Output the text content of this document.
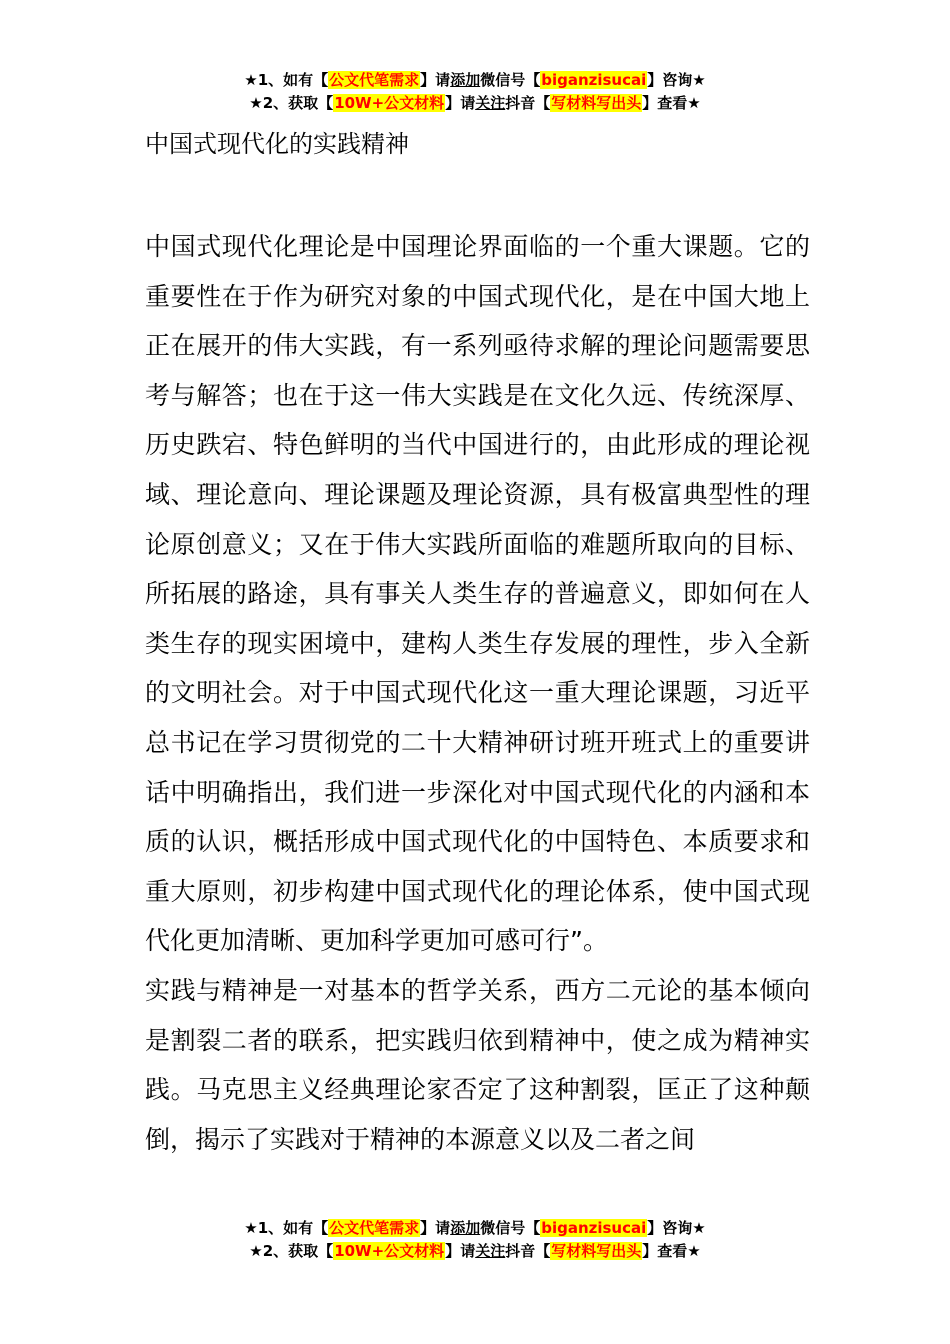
★1、如有【公文代笔需求】请添加微信号【biganzisucai】咨询★
★2、获取【10W+公文材料】请关注抖音【写材料写出头】查看★
中国式现代化的实践精神

中国式现代化理论是中国理论界面临的一个重大课题。它的重要性在于作为研究对象的中国式现代化，是在中国大地上正在展开的伟大实践，有一系列亟待求解的理论问题需要思考与解答；也在于这一伟大实践是在文化久远、传统深厚、历史跌宕、特色鲜明的当代中国进行的，由此形成的理论视域、理论意向、理论课题及理论资源，具有极富典型性的理论原创意义；又在于伟大实践所面临的难题所取向的目标、所拓展的路途，具有事关人类生存的普遍意义，即如何在人类生存的现实困境中，建构人类生存发展的理性，步入全新的文明社会。对于中国式现代化这一重大理论课题，习近平总书记在学习贯彻党的二十大精神研讨班开班式上的重要讲话中明确指出，我们进一步深化对中国式现代化的内涵和本质的认识，概括形成中国式现代化的中国特色、本质要求和重大原则，初步构建中国式现代化的理论体系，使中国式现代化更加清晰、更加科学更加可感可行”。

实践与精神是一对基本的哲学关系，西方二元论的基本倾向是割裂二者的联系，把实践归依到精神中，使之成为精神实践。马克思主义经典理论家否定了这种割裂，匡正了这种颠倒，揭示了实践对于精神的本源意义以及二者之间

★1、如有【公文代笔需求】请添加微信号【biganzisucai】咨询★
★2、获取【10W+公文材料】请关注抖音【写材料写出头】查看★
